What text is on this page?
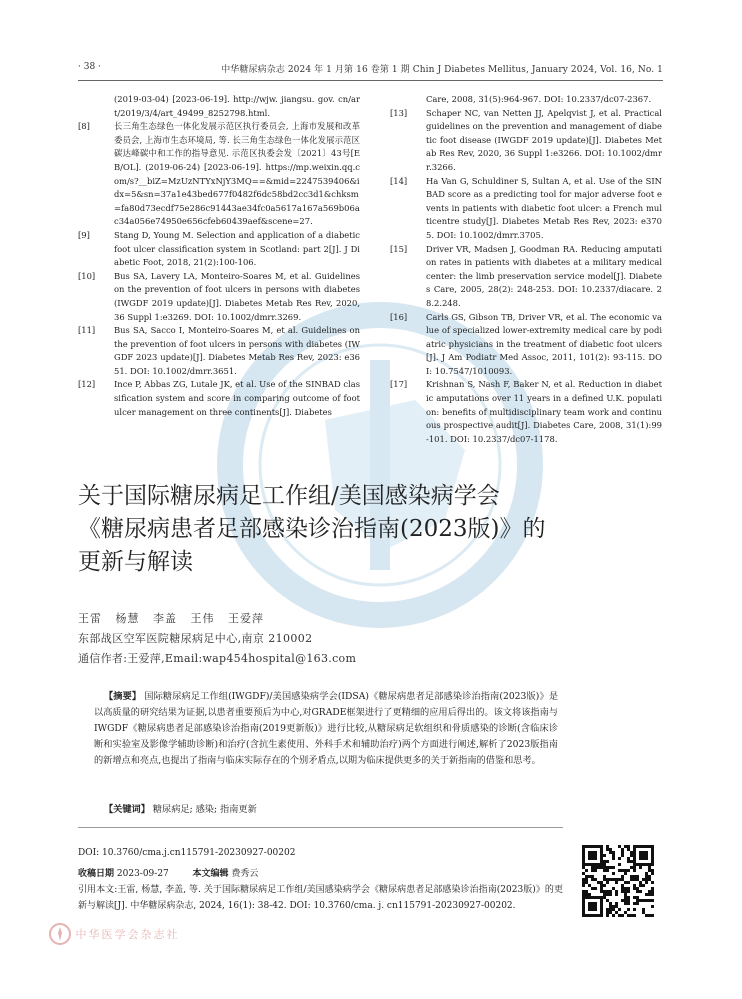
· 38 ·	中华糖尿病杂志 2024 年 1 月第 16 卷第 1 期 Chin J Diabetes Mellitus, January 2024, Vol. 16, No. 1
(2019-03-04) [2023-06-19]. http://wjw. jiangsu. gov. cn/art/2019/3/4/art_49499_8252798.html.
[8]	长三角生态绿色一体化发展示范区执行委员会, 上海市发展和改革委员会, 上海市生态环境局, 等. 长三角生态绿色一体化发展示范区碳达峰碳中和工作的指导意见. 示范区执委会发〔2021〕43号[EB/OL]. (2019-06-24) [2023-06-19]. https://mp.weixin.qq.com/s?__biZ=MzUzNTYxNjY3MQ==&mid=2247539406&idx=5&sn=37a1e43bed677f0482f6dc58bd2cc3d1&chksm=fa80d73ecdf75e286c91443ae34fc0a5617a167a569b06ac34a056e74950e656cfeb60439aef&scene=27.
[9]	Stang D, Young M. Selection and application of a diabetic foot ulcer classification system in Scotland: part 2[J]. J Diabetic Foot, 2018, 21(2):100-106.
[10]	Bus SA, Lavery LA, Monteiro-Soares M, et al. Guidelines on the prevention of foot ulcers in persons with diabetes (IWGDF 2019 update)[J]. Diabetes Metab Res Rev, 2020, 36 Suppl 1:e3269. DOI: 10.1002/dmrr.3269.
[11]	Bus SA, Sacco I, Monteiro-Soares M, et al. Guidelines on the prevention of foot ulcers in persons with diabetes (IWGDF 2023 update)[J]. Diabetes Metab Res Rev, 2023: e3651. DOI: 10.1002/dmrr.3651.
[12]	Ince P, Abbas ZG, Lutale JK, et al. Use of the SINBAD classification system and score in comparing outcome of foot ulcer management on three continents[J]. Diabetes
Care, 2008, 31(5):964-967. DOI: 10.2337/dc07-2367.
[13]	Schaper NC, van Netten JJ, Apelqvist J, et al. Practical guidelines on the prevention and management of diabetic foot disease (IWGDF 2019 update)[J]. Diabetes Metab Res Rev, 2020, 36 Suppl 1:e3266. DOI: 10.1002/dmrr.3266.
[14]	Ha Van G, Schuldiner S, Sultan A, et al. Use of the SINBAD score as a predicting tool for major adverse foot events in patients with diabetic foot ulcer: a French multicentre study[J]. Diabetes Metab Res Rev, 2023: e3705. DOI: 10.1002/dmrr.3705.
[15]	Driver VR, Madsen J, Goodman RA. Reducing amputation rates in patients with diabetes at a military medical center: the limb preservation service model[J]. Diabetes Care, 2005, 28(2): 248-253. DOI: 10.2337/diacare. 28.2.248.
[16]	Carls GS, Gibson TB, Driver VR, et al. The economic value of specialized lower-extremity medical care by podiatric physicians in the treatment of diabetic foot ulcers[J]. J Am Podiatr Med Assoc, 2011, 101(2): 93-115. DOI: 10.7547/1010093.
[17]	Krishnan S, Nash F, Baker N, et al. Reduction in diabetic amputations over 11 years in a defined U.K. population: benefits of multidisciplinary team work and continuous prospective audit[J]. Diabetes Care, 2008, 31(1):99-101. DOI: 10.2337/dc07-1178.
关于国际糖尿病足工作组/美国感染病学会
《糖尿病患者足部感染诊治指南(2023版)》的
更新与解读
王雷 杨慧 李盖 王伟 王爱萍
东部战区空军医院糖尿病足中心,南京 210002
通信作者:王爱萍,Email:wap454hospital@163.com
【摘要】 国际糖尿病足工作组(IWGDF)/美国感染病学会(IDSA)《糖尿病患者足部感染诊治指南(2023版)》是以高质量的研究结果为证据,以患者重要预后为中心,对GRADE框架进行了更精细的应用后得出的。该文将该指南与IWGDF《糖尿病患者足部感染诊治指南(2019更新版)》进行比较,从糖尿病足软组织和骨质感染的诊断(含临床诊断和实验室及影像学辅助诊断)和治疗(含抗生素使用、外科手术和辅助治疗)两个方面进行阐述,解析了2023版指南的新增点和亮点,也提出了指南与临床实际存在的个别矛盾点,以期为临床提供更多的关于新指南的借鉴和思考。
【关键词】 糖尿病足; 感染; 指南更新
DOI: 10.3760/cma.j.cn115791-20230927-00202
收稿日期 2023-09-27	本文编辑 费秀云
引用本文:王雷, 杨慧, 李盖, 等. 关于国际糖尿病足工作组/美国感染病学会《糖尿病患者足部感染诊治指南(2023版)》的更新与解读[J]. 中华糖尿病杂志, 2024, 16(1): 38-42. DOI: 10.3760/cma. j. cn115791-20230927-00202.
中华医学会杂志社
